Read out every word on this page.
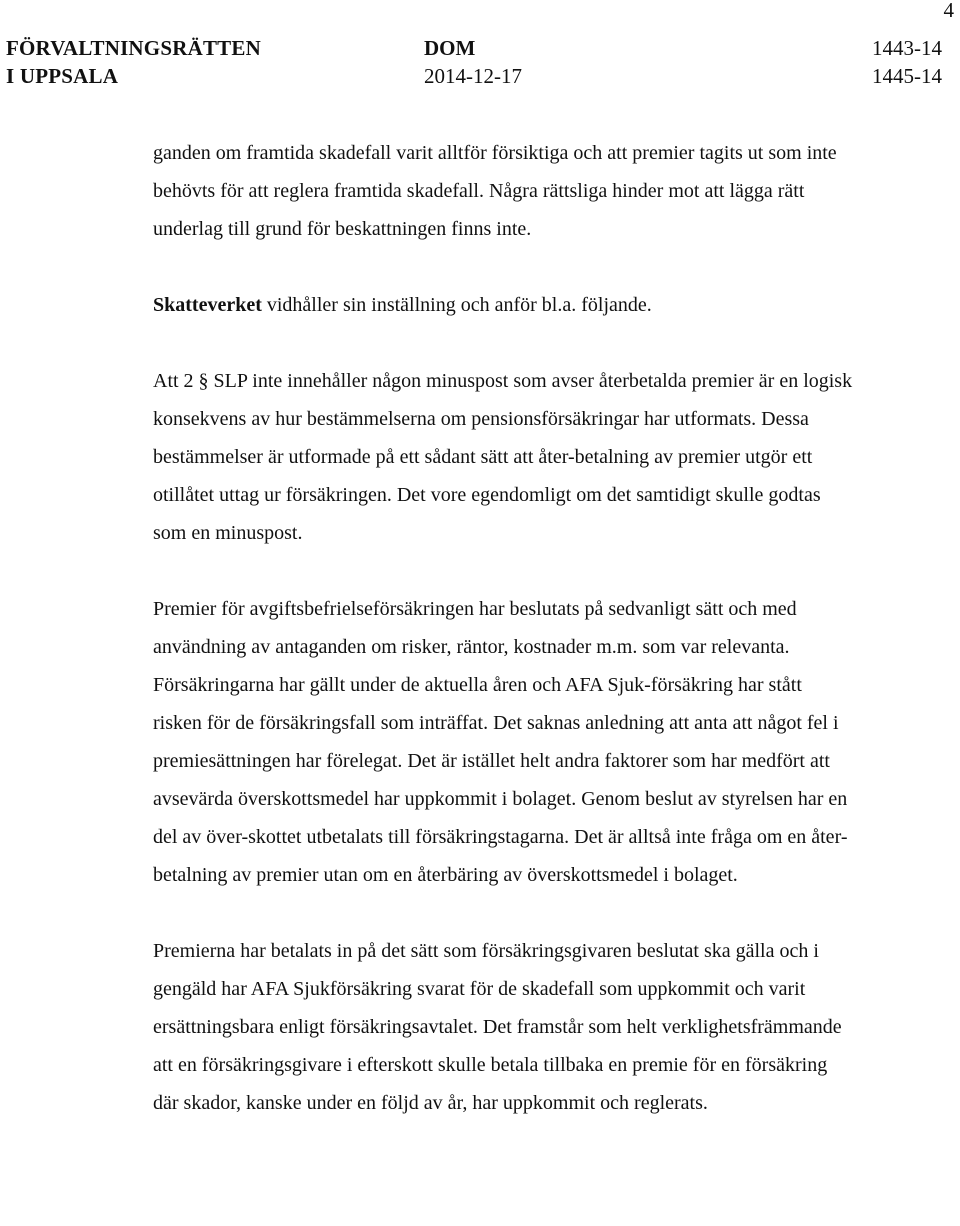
4
FÖRVALTNINGSRÄTTEN
I UPPSALA
DOM
2014-12-17
1443-14
1445-14

ganden om framtida skadefall varit alltför försiktiga och att premier tagits ut som inte behövts för att reglera framtida skadefall. Några rättsliga hinder mot att lägga rätt underlag till grund för beskattningen finns inte.

Skatteverket vidhåller sin inställning och anför bl.a. följande.

Att 2 § SLP inte innehåller någon minuspost som avser återbetalda premier är en logisk konsekvens av hur bestämmelserna om pensionsförsäkringar har utformats. Dessa bestämmelser är utformade på ett sådant sätt att åter-betalning av premier utgör ett otillåtet uttag ur försäkringen. Det vore egendomligt om det samtidigt skulle godtas som en minuspost.

Premier för avgiftsbefrielseförsäkringen har beslutats på sedvanligt sätt och med användning av antaganden om risker, räntor, kostnader m.m. som var relevanta. Försäkringarna har gällt under de aktuella åren och AFA Sjuk-försäkring har stått risken för de försäkringsfall som inträffat. Det saknas anledning att anta att något fel i premiesättningen har förelegat. Det är istället helt andra faktorer som har medfört att avsevärda överskottsmedel har uppkommit i bolaget. Genom beslut av styrelsen har en del av över-skottet utbetalats till försäkringstagarna. Det är alltså inte fråga om en åter-betalning av premier utan om en återbäring av överskottsmedel i bolaget.

Premierna har betalats in på det sätt som försäkringsgivaren beslutat ska gälla och i gengäld har AFA Sjukförsäkring svarat för de skadefall som uppkommit och varit ersättningsbara enligt försäkringsavtalet. Det framstår som helt verklighetsfrämmande att en försäkringsgivare i efterskott skulle betala tillbaka en premie för en försäkring där skador, kanske under en följd av år, har uppkommit och reglerats.
